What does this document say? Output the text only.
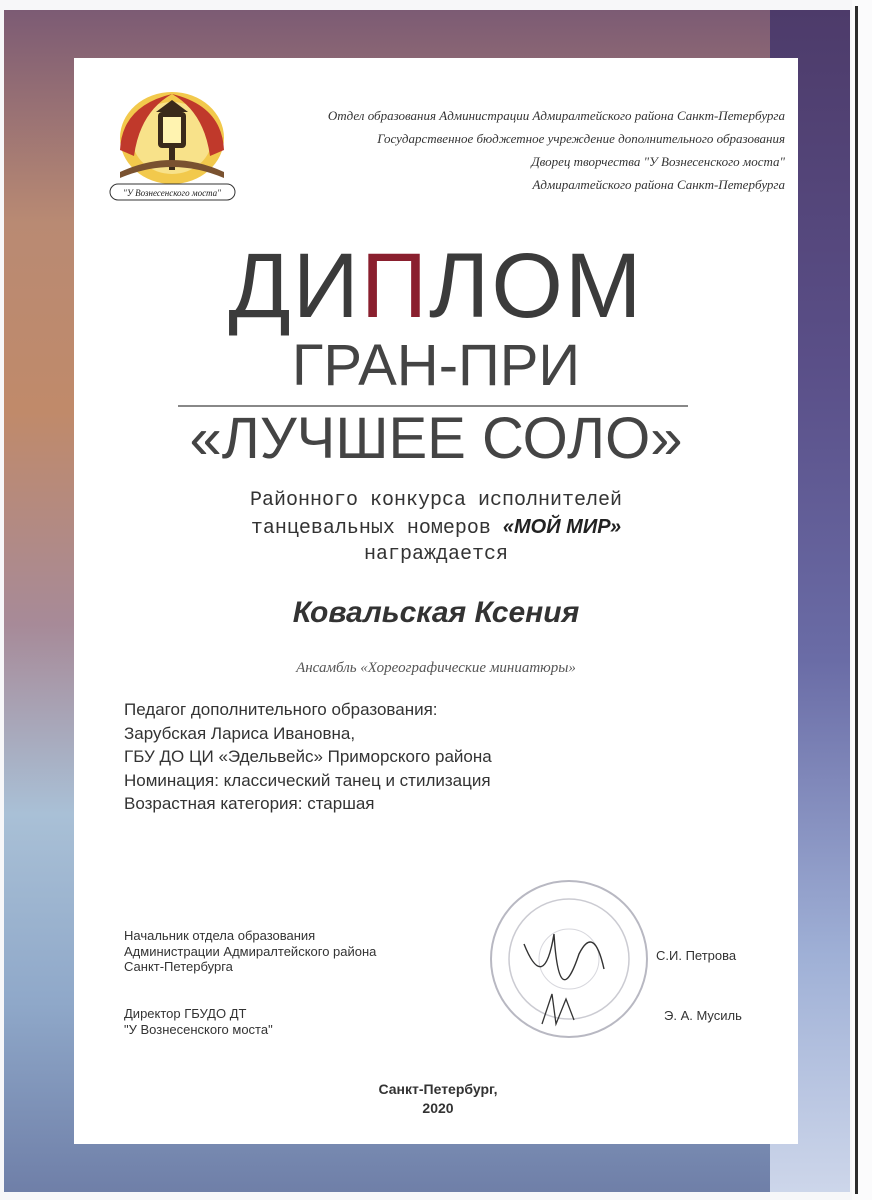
"У Вознесенского моста"
Отдел образования Администрации Адмиралтейского района Санкт-Петербурга
Государственное бюджетное учреждение дополнительного образования
Дворец творчества "У Вознесенского моста"
Адмиралтейского района Санкт-Петербурга
ДИПЛОМ
ГРАН-ПРИ
«ЛУЧШЕЕ СОЛО»
Районного конкурса исполнителей
танцевальных номеров «МОЙ МИР»
награждается
Ковальская Ксения
Ансамбль «Хореографические миниатюры»
Педагог дополнительного образования:
Зарубская Лариса Ивановна,
ГБУ ДО ЦИ «Эдельвейс» Приморского района
Номинация: классический танец и стилизация
Возрастная категория: старшая
Начальник отдела образования
Администрации Адмиралтейского района
Санкт-Петербурга
С.И. Петрова
Директор ГБУДО ДТ
"У Вознесенского моста"
Э. А. Мусиль
Санкт-Петербург,
2020
